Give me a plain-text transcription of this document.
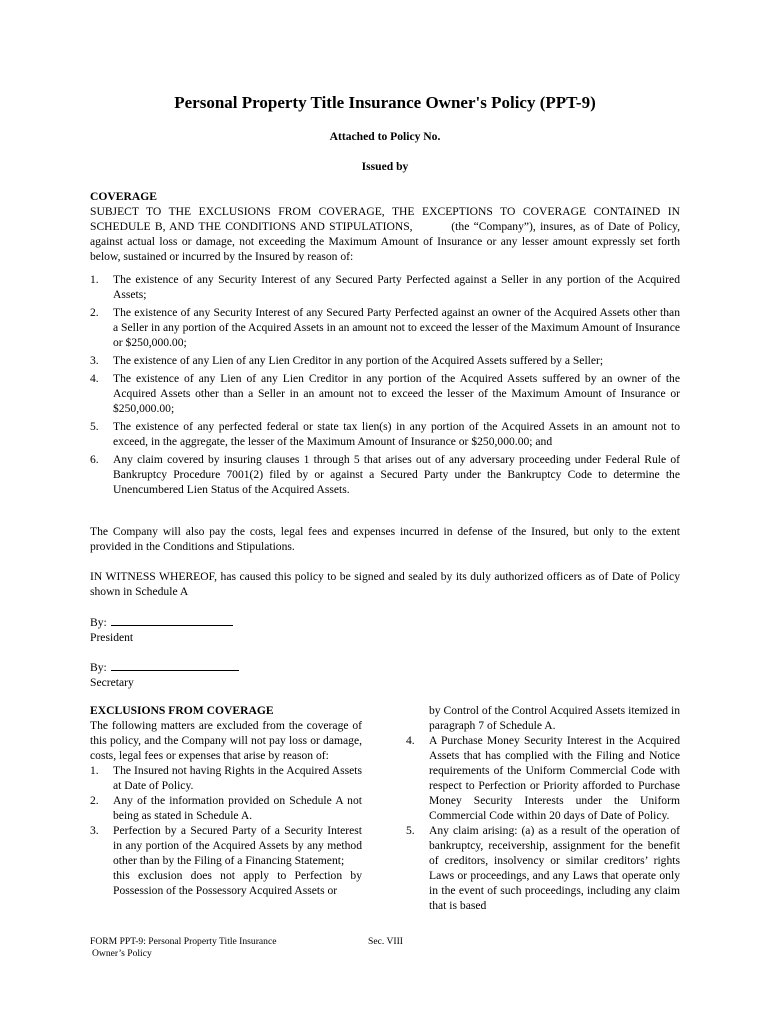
Personal Property Title Insurance Owner's Policy (PPT-9)
Attached to Policy No.
Issued by
COVERAGE
SUBJECT TO THE EXCLUSIONS FROM COVERAGE, THE EXCEPTIONS TO COVERAGE CONTAINED IN SCHEDULE B, AND THE CONDITIONS AND STIPULATIONS,         (the “Company”), insures, as of Date of Policy, against actual loss or damage, not exceeding the Maximum Amount of Insurance or any lesser amount expressly set forth below, sustained or incurred by the Insured by reason of:
1. The existence of any Security Interest of any Secured Party Perfected against a Seller in any portion of the Acquired Assets;
2. The existence of any Security Interest of any Secured Party Perfected against an owner of the Acquired Assets other than a Seller in any portion of the Acquired Assets in an amount not to exceed the lesser of the Maximum Amount of Insurance or $250,000.00;
3. The existence of any Lien of any Lien Creditor in any portion of the Acquired Assets suffered by a Seller;
4. The existence of any Lien of any Lien Creditor in any portion of the Acquired Assets suffered by an owner of the Acquired Assets other than a Seller in an amount not to exceed the lesser of the Maximum Amount of Insurance or $250,000.00;
5. The existence of any perfected federal or state tax lien(s) in any portion of the Acquired Assets in an amount not to exceed, in the aggregate, the lesser of the Maximum Amount of Insurance or $250,000.00; and
6. Any claim covered by insuring clauses 1 through 5 that arises out of any adversary proceeding under Federal Rule of Bankruptcy Procedure 7001(2) filed by or against a Secured Party under the Bankruptcy Code to determine the Unencumbered Lien Status of the Acquired Assets.
The Company will also pay the costs, legal fees and expenses incurred in defense of the Insured, but only to the extent provided in the Conditions and Stipulations.
IN WITNESS WHEREOF, has caused this policy to be signed and sealed by its duly authorized officers as of Date of Policy shown in Schedule A
By:
President
By:
Secretary
EXCLUSIONS FROM COVERAGE
The following matters are excluded from the coverage of this policy, and the Company will not pay loss or damage, costs, legal fees or expenses that arise by reason of:
1. The Insured not having Rights in the Acquired Assets at Date of Policy.
2. Any of the information provided on Schedule A not being as stated in Schedule A.
3. Perfection by a Secured Party of a Security Interest in any portion of the Acquired Assets by any method other than by the Filing of a Financing Statement;
this exclusion does not apply to Perfection by Possession of the Possessory Acquired Assets or
by Control of the Control Acquired Assets itemized in paragraph 7 of Schedule A.
4. A Purchase Money Security Interest in the Acquired Assets that has complied with the Filing and Notice requirements of the Uniform Commercial Code with respect to Perfection or Priority afforded to Purchase Money Security Interests under the Uniform Commercial Code within 20 days of Date of Policy.
5. Any claim arising: (a) as a result of the operation of bankruptcy, receivership, assignment for the benefit of creditors, insolvency or similar creditors’ rights Laws or proceedings, and any Laws that operate only in the event of such proceedings, including any claim that is based
FORM PPT-9: Personal Property Title Insurance
Owner’s Policy
Sec. VIII
